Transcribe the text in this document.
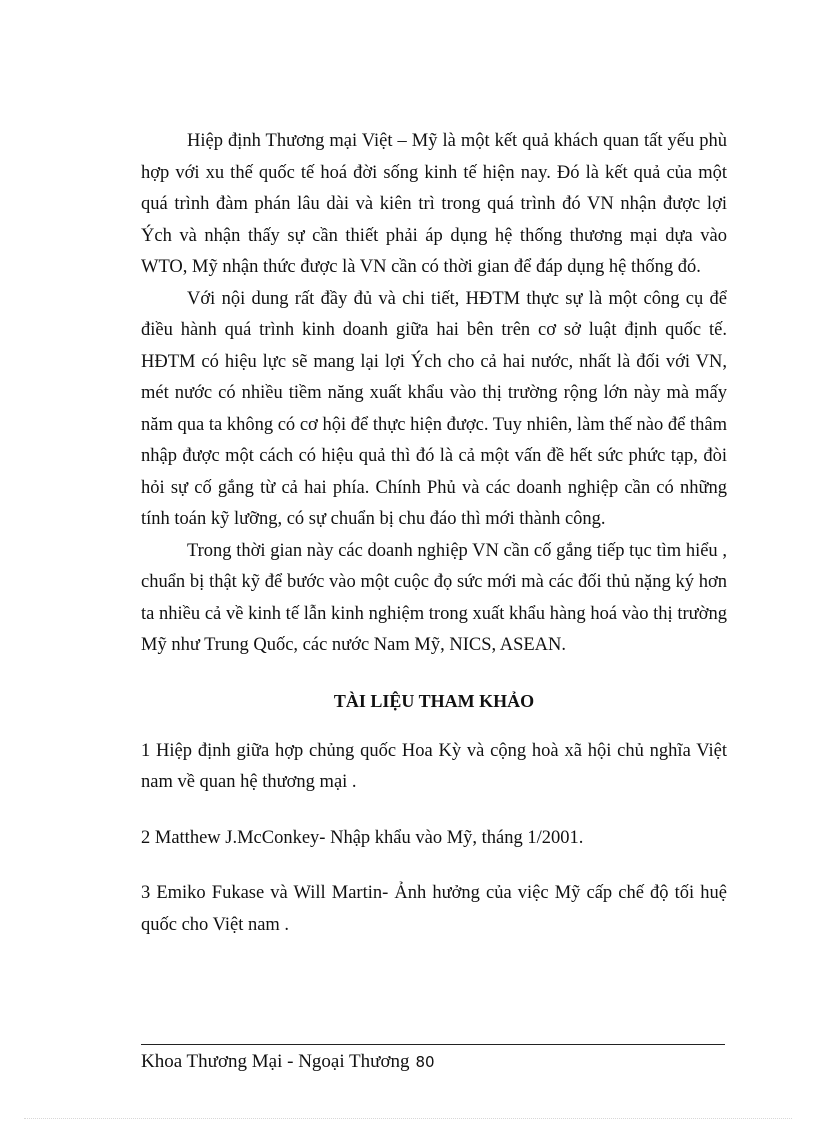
Hiệp định Thương mại Việt – Mỹ là một kết quả khách quan tất yếu phù hợp với xu thế quốc tế hoá đời sống kinh tế hiện nay. Đó là kết quả của một quá trình đàm phán lâu dài và kiên trì trong quá trình đó VN nhận được lợi Ých và nhận thấy sự cần thiết phải áp dụng hệ thống thương mại dựa vào WTO, Mỹ nhận thức được là VN cần có thời gian để đáp dụng hệ thống đó.

Với nội dung rất đầy đủ và chi tiết, HĐTM thực sự là một công cụ để điều hành quá trình kinh doanh giữa hai bên trên cơ sở luật định quốc tế. HĐTM có hiệu lực sẽ mang lại lợi Ých cho cả hai nước, nhất là đối với VN, mét nước có nhiều tiềm năng xuất khẩu vào thị trường rộng lớn này mà mấy năm qua ta không có cơ hội để thực hiện được. Tuy nhiên, làm thế nào để thâm nhập được một cách có hiệu quả thì đó là cả một vấn đề hết sức phức tạp, đòi hỏi sự cố gắng từ cả hai phía. Chính Phủ và các doanh nghiệp cần có những tính toán kỹ lưỡng, có sự chuẩn bị chu đáo thì mới thành công.

Trong thời gian này các doanh nghiệp VN cần cố gắng tiếp tục tìm hiểu , chuẩn bị thật kỹ để bước vào một cuộc đọ sức mới mà các đối thủ nặng ký hơn ta nhiều cả về kinh tế lẫn kinh nghiệm trong xuất khẩu hàng hoá vào thị trường Mỹ như Trung Quốc, các nước Nam Mỹ, NICS, ASEAN.

TÀI LIỆU THAM KHẢO

1 Hiệp định giữa hợp chủng quốc Hoa Kỳ và cộng hoà xã hội chủ nghĩa Việt nam về quan hệ thương mại .

2 Matthew J.McConkey- Nhập khẩu vào Mỹ, tháng 1/2001.

3 Emiko Fukase và Will Martin- Ảnh hưởng của việc Mỹ cấp chế độ tối huệ quốc cho Việt nam .

Khoa Thương Mại - Ngoại Thương 80
